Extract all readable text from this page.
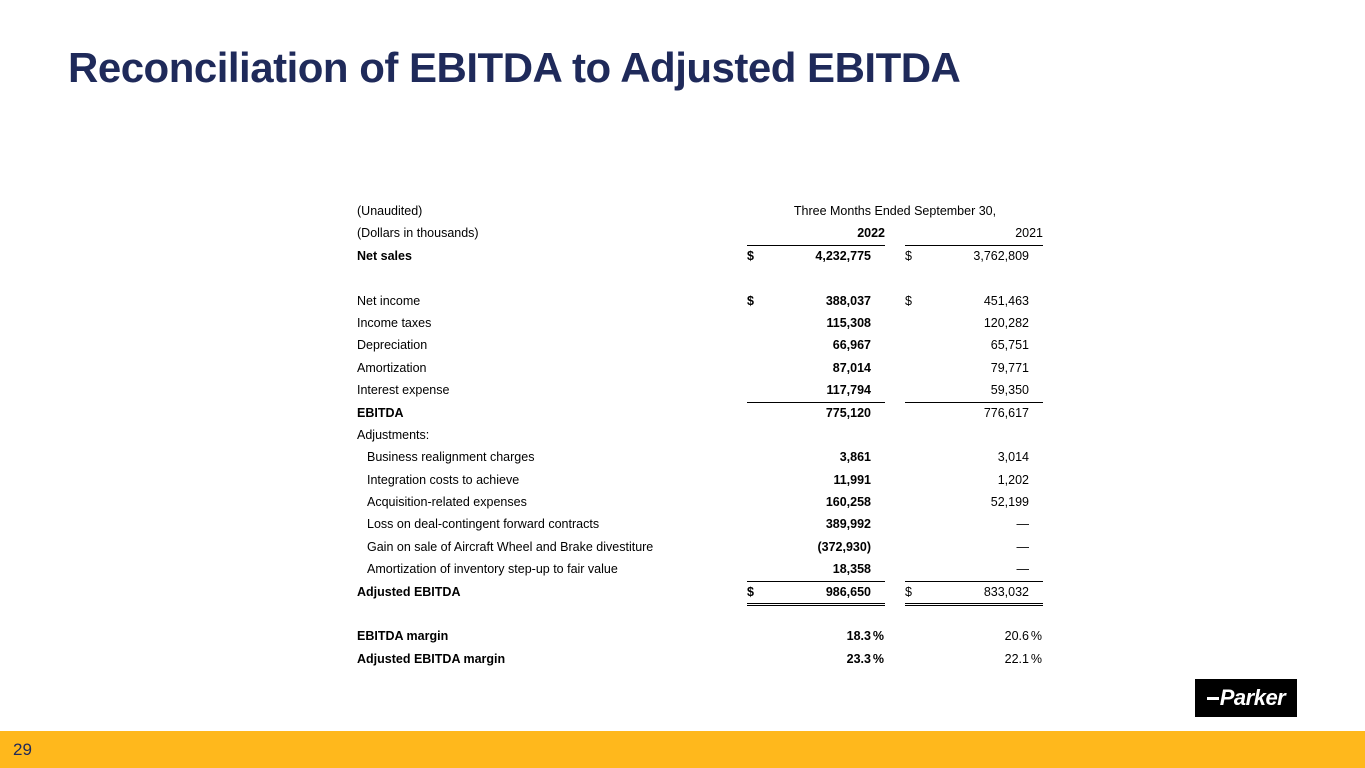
Reconciliation of EBITDA to Adjusted EBITDA
(Unaudited)	Three Months Ended September 30,
(Dollars in thousands)	2022	2021
Net sales	$	4,232,775	$	3,762,809
Net income	$	388,037	$	451,463
Income taxes	115,308	120,282
Depreciation	66,967	65,751
Amortization	87,014	79,771
Interest expense	117,794	59,350
EBITDA	775,120	776,617
Adjustments:
Business realignment charges	3,861	3,014
Integration costs to achieve	11,991	1,202
Acquisition-related expenses	160,258	52,199
Loss on deal-contingent forward contracts	389,992	—
Gain on sale of Aircraft Wheel and Brake divestiture	(372,930)	—
Amortization of inventory step-up to fair value	18,358	—
Adjusted EBITDA	$	986,650	$	833,032
EBITDA margin	18.3 %	20.6 %
Adjusted EBITDA margin	23.3 %	22.1 %
Parker
29
